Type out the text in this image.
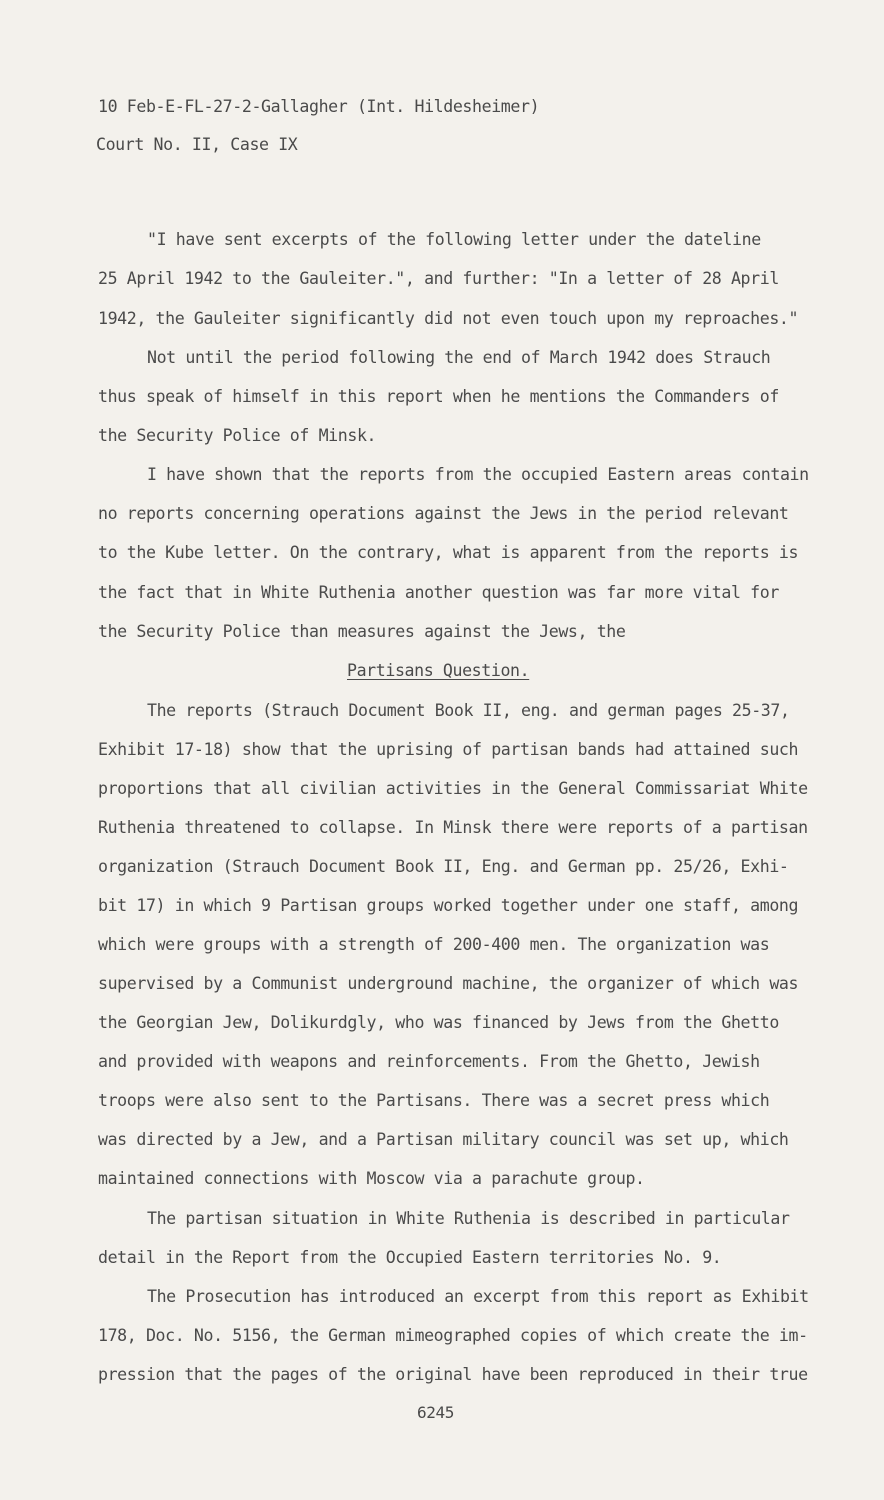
10 Feb-E-FL-27-2-Gallagher (Int. Hildesheimer)
Court No. II, Case IX
"I have sent excerpts of the following letter under the dateline
25 April 1942 to the Gauleiter.", and further: "In a letter of 28 April
1942, the Gauleiter significantly did not even touch upon my reproaches."
Not until the period following the end of March 1942 does Strauch
thus speak of himself in this report when he mentions the Commanders of
the Security Police of Minsk.
I have shown that the reports from the occupied Eastern areas contain
no reports concerning operations against the Jews in the period relevant
to the Kube letter. On the contrary, what is apparent from the reports is
the fact that in White Ruthenia another question was far more vital for
the Security Police than measures against the Jews, the
Partisans Question.
The reports (Strauch Document Book II, eng. and german pages 25-37,
Exhibit 17-18) show that the uprising of partisan bands had attained such
proportions that all civilian activities in the General Commissariat White
Ruthenia threatened to collapse. In Minsk there were reports of a partisan
organization (Strauch Document Book II, Eng. and German pp. 25/26, Exhi-
bit 17) in which 9 Partisan groups worked together under one staff, among
which were groups with a strength of 200-400 men. The organization was
supervised by a Communist underground machine, the organizer of which was
the Georgian Jew, Dolikurdgly, who was financed by Jews from the Ghetto
and provided with weapons and reinforcements. From the Ghetto, Jewish
troops were also sent to the Partisans. There was a secret press which
was directed by a Jew, and a Partisan military council was set up, which
maintained connections with Moscow via a parachute group.
The partisan situation in White Ruthenia is described in particular
detail in the Report from the Occupied Eastern territories No. 9.
The Prosecution has introduced an excerpt from this report as Exhibit
178, Doc. No. 5156, the German mimeographed copies of which create the im-
pression that the pages of the original have been reproduced in their true
6245
